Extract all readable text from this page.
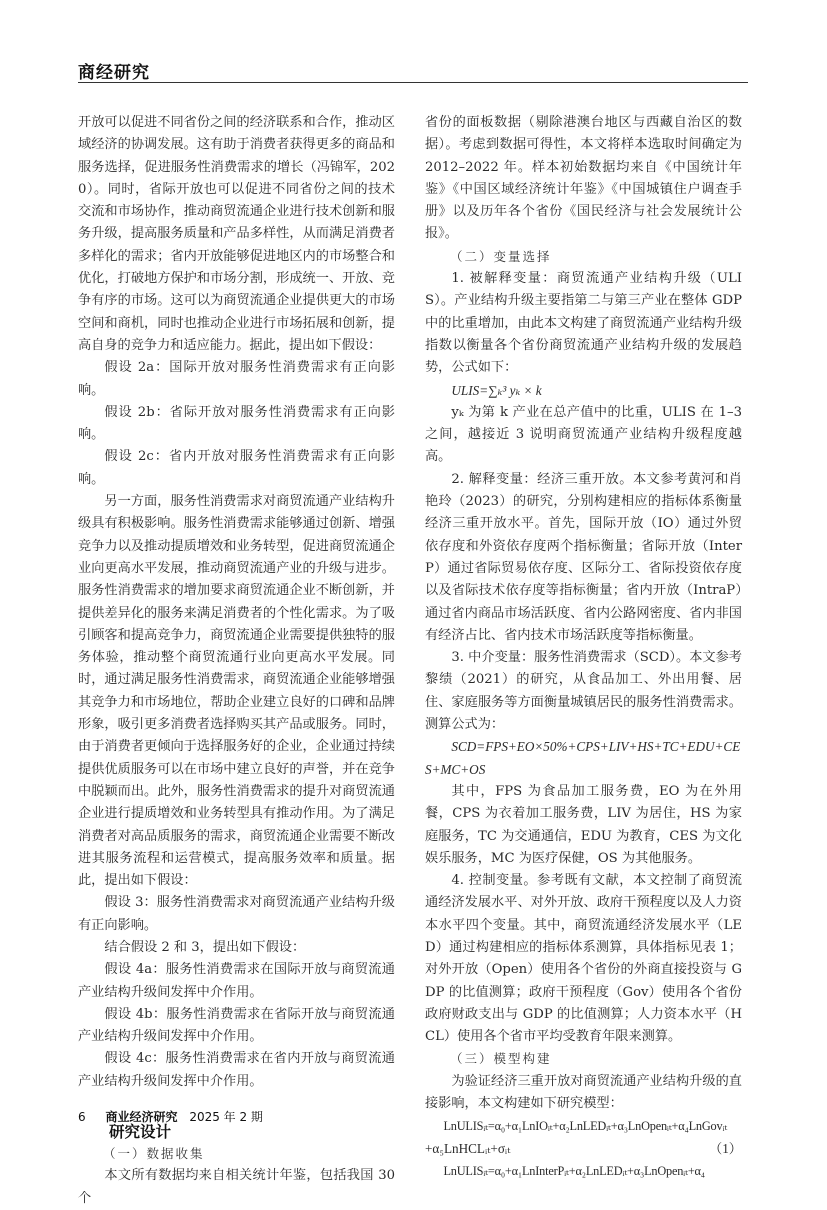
商经研究

开放可以促进不同省份之间的经济联系和合作，推动区域经济的协调发展。这有助于消费者获得更多的商品和服务选择，促进服务性消费需求的增长（冯锦军，2020）。同时，省际开放也可以促进不同省份之间的技术交流和市场协作，推动商贸流通企业进行技术创新和服务升级，提高服务质量和产品多样性，从而满足消费者多样化的需求；省内开放能够促进地区内的市场整合和优化，打破地方保护和市场分割，形成统一、开放、竞争有序的市场。这可以为商贸流通企业提供更大的市场空间和商机，同时也推动企业进行市场拓展和创新，提高自身的竞争力和适应能力。据此，提出如下假设：

假设 2a：国际开放对服务性消费需求有正向影响。

假设 2b：省际开放对服务性消费需求有正向影响。

假设 2c：省内开放对服务性消费需求有正向影响。

另一方面，服务性消费需求对商贸流通产业结构升级具有积极影响。服务性消费需求能够通过创新、增强竞争力以及推动提质增效和业务转型，促进商贸流通企业向更高水平发展，推动商贸流通产业的升级与进步。服务性消费需求的增加要求商贸流通企业不断创新，并提供差异化的服务来满足消费者的个性化需求。为了吸引顾客和提高竞争力，商贸流通企业需要提供独特的服务体验，推动整个商贸流通行业向更高水平发展。同时，通过满足服务性消费需求，商贸流通企业能够增强其竞争力和市场地位，帮助企业建立良好的口碑和品牌形象，吸引更多消费者选择购买其产品或服务。同时，由于消费者更倾向于选择服务好的企业，企业通过持续提供优质服务可以在市场中建立良好的声誉，并在竞争中脱颖而出。此外，服务性消费需求的提升对商贸流通企业进行提质增效和业务转型具有推动作用。为了满足消费者对高品质服务的需求，商贸流通企业需要不断改进其服务流程和运营模式，提高服务效率和质量。据此，提出如下假设：

假设 3：服务性消费需求对商贸流通产业结构升级有正向影响。

结合假设 2 和 3，提出如下假设：

假设 4a：服务性消费需求在国际开放与商贸流通产业结构升级间发挥中介作用。

假设 4b：服务性消费需求在省际开放与商贸流通产业结构升级间发挥中介作用。

假设 4c：服务性消费需求在省内开放与商贸流通产业结构升级间发挥中介作用。

研究设计
（一）数据收集

本文所有数据均来自相关统计年鉴，包括我国 30 个

省份的面板数据（剔除港澳台地区与西藏自治区的数据）。考虑到数据可得性，本文将样本选取时间确定为 2012–2022 年。样本初始数据均来自《中国统计年鉴》《中国区域经济统计年鉴》《中国城镇住户调查手册》以及历年各个省份《国民经济与社会发展统计公报》。

（二）变量选择

1. 被解释变量：商贸流通产业结构升级（ULIS）。产业结构升级主要指第二与第三产业在整体 GDP 中的比重增加，由此本文构建了商贸流通产业结构升级指数以衡量各个省份商贸流通产业结构升级的发展趋势，公式如下：

ULIS=∑ₖ³ yₖ × k

yₖ 为第 k 产业在总产值中的比重，ULIS 在 1–3 之间，越接近 3 说明商贸流通产业结构升级程度越高。

2. 解释变量：经济三重开放。本文参考黄河和肖艳玲（2023）的研究，分别构建相应的指标体系衡量经济三重开放水平。首先，国际开放（IO）通过外贸依存度和外资依存度两个指标衡量；省际开放（InterP）通过省际贸易依存度、区际分工、省际投资依存度以及省际技术依存度等指标衡量；省内开放（IntraP）通过省内商品市场活跃度、省内公路网密度、省内非国有经济占比、省内技术市场活跃度等指标衡量。

3. 中介变量：服务性消费需求（SCD）。本文参考黎绩（2021）的研究，从食品加工、外出用餐、居住、家庭服务等方面衡量城镇居民的服务性消费需求。测算公式为：

SCD=FPS+EO×50%+CPS+LIV+HS+TC+EDU+CES+MC+OS

其中，FPS 为食品加工服务费，EO 为在外用餐，CPS 为衣着加工服务费，LIV 为居住，HS 为家庭服务，TC 为交通通信，EDU 为教育，CES 为文化娱乐服务，MC 为医疗保健，OS 为其他服务。

4. 控制变量。参考既有文献，本文控制了商贸流通经济发展水平、对外开放、政府干预程度以及人力资本水平四个变量。其中，商贸流通经济发展水平（LED）通过构建相应的指标体系测算，具体指标见表 1；对外开放（Open）使用各个省份的外商直接投资与 GDP 的比值测算；政府干预程度（Gov）使用各个省份政府财政支出与 GDP 的比值测算；人力资本水平（HCL）使用各个省市平均受教育年限来测算。

（三）模型构建

为验证经济三重开放对商贸流通产业结构升级的直接影响，本文构建如下研究模型：

LnULISᵢₜ=α₀+α₁LnIOᵢₜ+α₂LnLEDᵢₜ+α₃LnOpenᵢₜ+α₄LnGovᵢₜ
+α₅LnHCLᵢₜ+σᵢₜ	（1）
LnULISᵢₜ=α₀+α₁LnInterPᵢₜ+α₂LnLEDᵢₜ+α₃LnOpenᵢₜ+α₄
6 商业经济研究 2025 年 2 期
